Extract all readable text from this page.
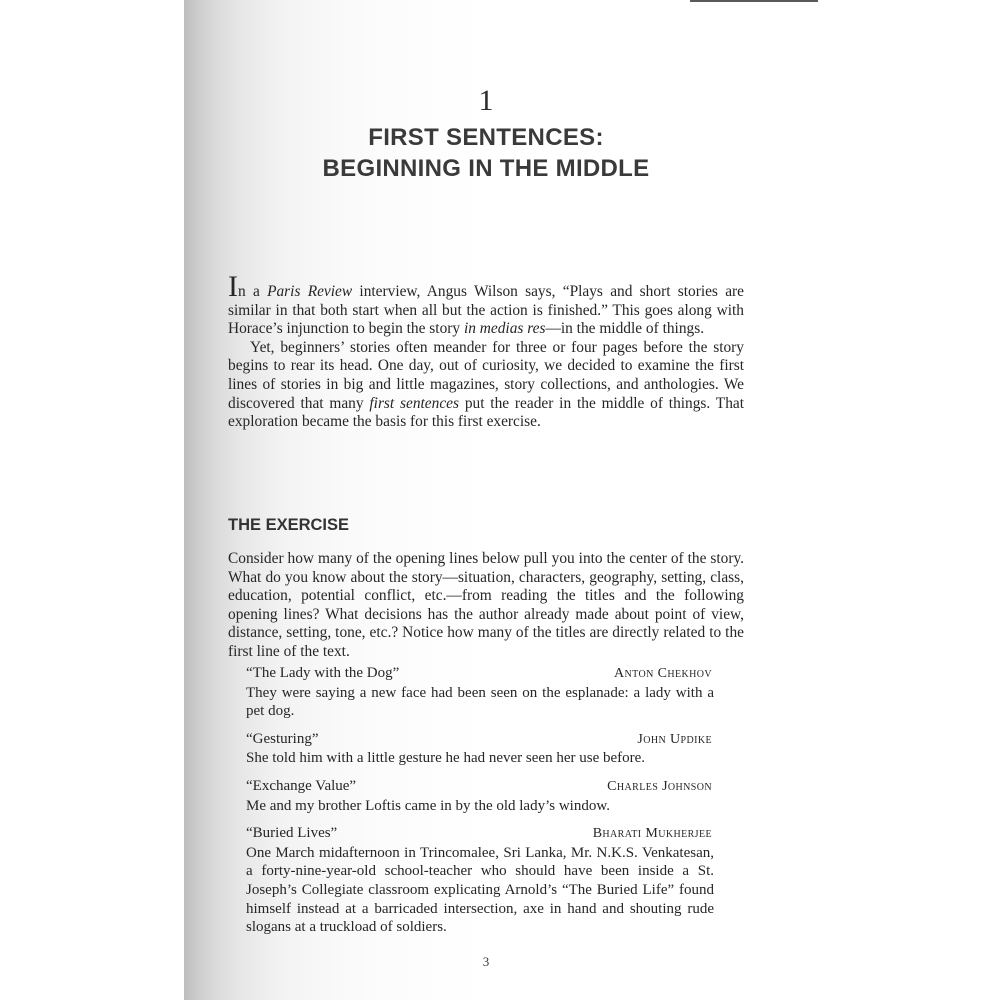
1
FIRST SENTENCES:
BEGINNING IN THE MIDDLE

In a Paris Review interview, Angus Wilson says, “Plays and short stories are similar in that both start when all but the action is finished.” This goes along with Horace’s injunction to begin the story in medias res—in the middle of things.

Yet, beginners’ stories often meander for three or four pages before the story begins to rear its head. One day, out of curiosity, we decided to examine the first lines of stories in big and little magazines, story collections, and anthologies. We discovered that many first sentences put the reader in the middle of things. That exploration became the basis for this first exercise.

THE EXERCISE

Consider how many of the opening lines below pull you into the center of the story. What do you know about the story—situation, characters, geography, setting, class, education, potential conflict, etc.—from reading the titles and the following opening lines? What decisions has the author already made about point of view, distance, setting, tone, etc.? Notice how many of the titles are directly related to the first line of the text.

“The Lady with the Dog”	Anton Chekhov
They were saying a new face had been seen on the esplanade: a lady with a pet dog.
“Gesturing”	John Updike
She told him with a little gesture he had never seen her use before.
“Exchange Value”	Charles Johnson
Me and my brother Loftis came in by the old lady’s window.
“Buried Lives”	Bharati Mukherjee
One March midafternoon in Trincomalee, Sri Lanka, Mr. N.K.S. Venkatesan, a forty-nine-year-old school-teacher who should have been inside a St. Joseph’s Collegiate classroom explicating Arnold’s “The Buried Life” found himself instead at a barricaded intersection, axe in hand and shouting rude slogans at a truckload of soldiers.
3
